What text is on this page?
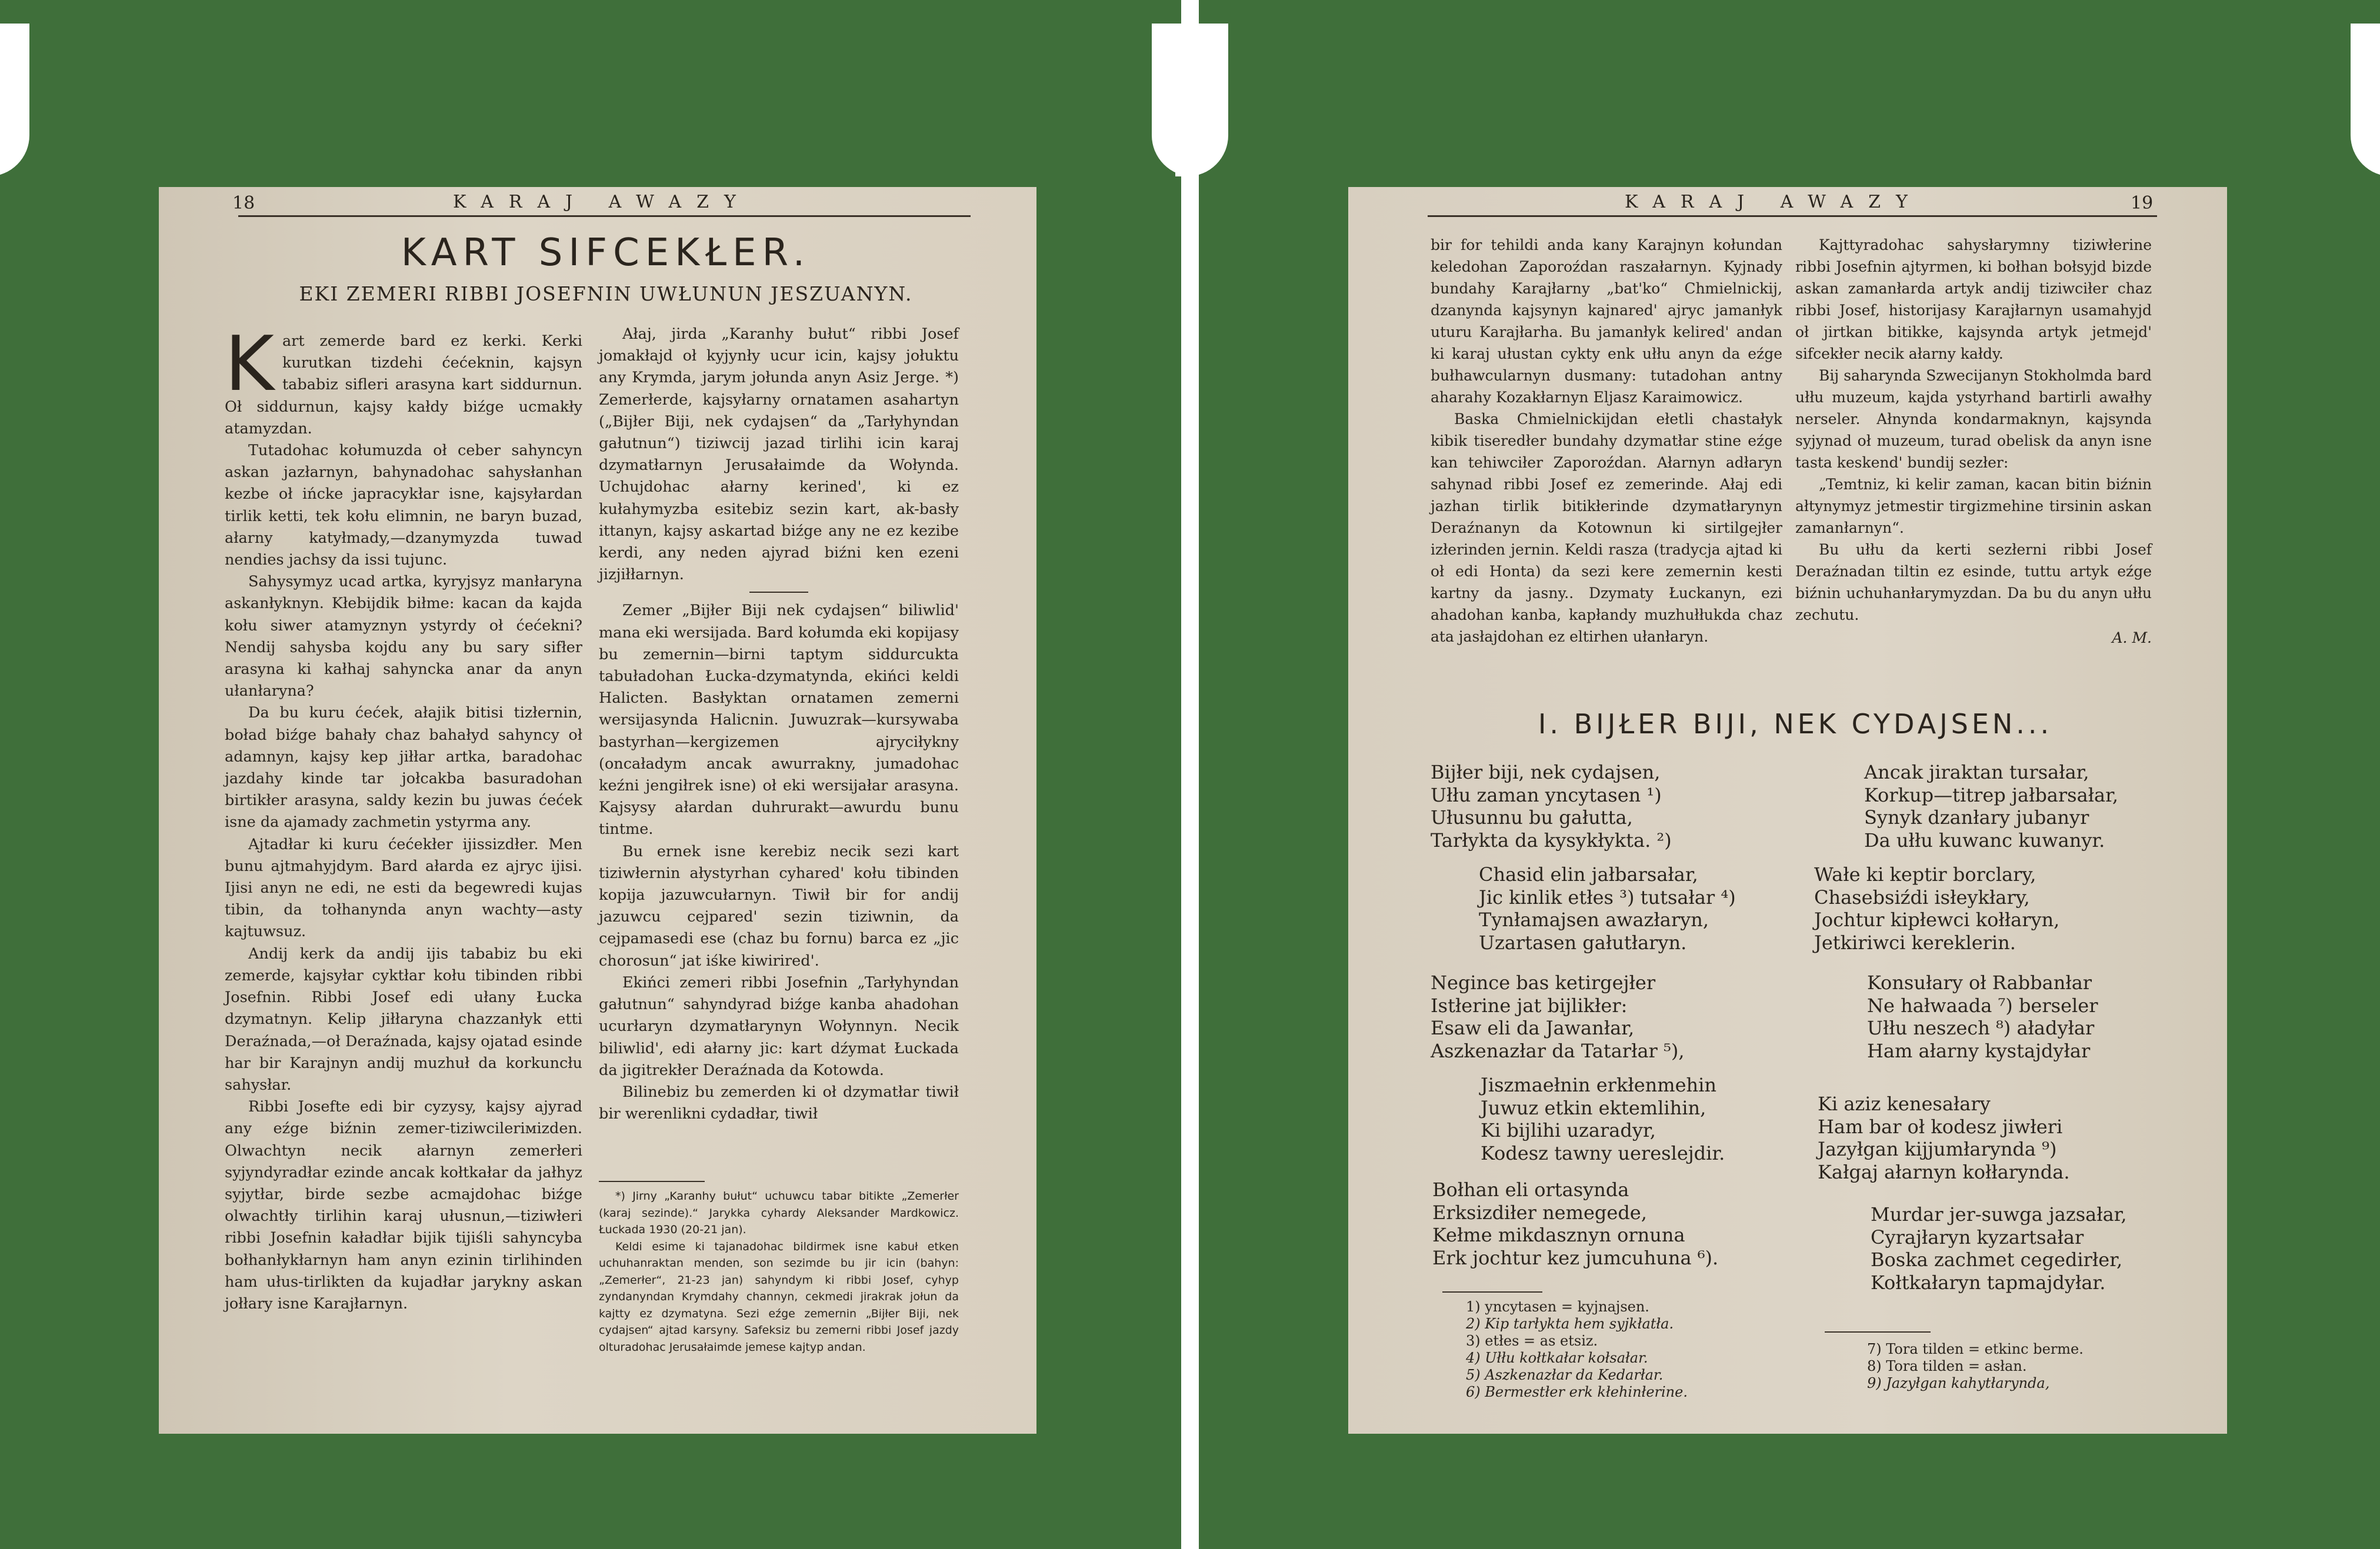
18	KARAJ AWAZY
KART SIFCEKŁER.
EKI ZEMERI RIBBI JOSEFNIN UWŁUNUN JESZUANYN.

Kart zemerde bard ez kerki. Kerki kurutkan tizdehi ćećeknin, kajsyn tababiz sifleri arasyna kart siddurnun. Oł siddurnun, kajsy kałdy biźge ucmakły atamyzdan.

Tutadohac kołumuzda oł ceber sahyncyn askan jazłarnyn, bahynadohac sahysłanhan kezbe oł ińcke japracykłar isne, kajsyłardan tirlik ketti, tek kołu elimnin, ne baryn buzad, ałarny katyłmady,—dzanymyzda tuwad nendies jachsy da issi tujunc.

Sahysymyz ucad artka, kyryjsyz manłaryna askanłyknyn. Kłebijdik biłme: kacan da kajda kołu siwer atamyznyn ystyrdy oł ćećekni? Nendij sahysba kojdu any bu sary sifłer arasyna ki kałhaj sahyncka anar da anyn ułanłaryna?

Da bu kuru ćećek, ałajik bitisi tizłernin, boład biźge bahały chaz bahałyd sahyncy oł adamnyn, kajsy kep jiłłar artka, baradohac jazdahy kinde tar jołcakba basuradohan birtikłer arasyna, saldy kezin bu juwas ćećek isne da ajamady zachmetin ystyrma any.

Ajtadłar ki kuru ćećekłer ijissizdłer. Men bunu ajtmahyjdym. Bard ałarda ez ajryc ijisi. Ijisi anyn ne edi, ne esti da begewredi kujas tibin, da tołhanynda anyn wachty—asty kajtuwsuz.

Andij kerk da andij ijis tababiz bu eki zemerde, kajsyłar cyktłar kołu tibinden ribbi Josefnin. Ribbi Josef edi ułany Łucka dzymatnyn. Kelip jiłłaryna chazzanłyk etti Deraźnada,—oł Deraźnada, kajsy ojatad esinde har bir Karajnyn andij muzhuł da korkuncłu sahysłar.

Ribbi Josefte edi bir cyzysy, kajsy ajyrad any eźge biźnin zemer-tiziwcileriмizden. Olwachtyn necik ałarnyn zemerłeri syjyndyradłar ezinde ancak kołtkałar da jałhyz syjytłar, birde sezbe acmajdohac biźge olwachtły tirlihin karaj ułusnun,—tiziwłeri ribbi Josefnin kaładłar bijik tijiśli sahyncyba bołhanłykłarnyn ham anyn ezinin tirlihinden ham ułus-tirlikten da kujadłar jarykny askan jołłary isne Karajłarnyn.

Ałaj, jirda „Karanhy bułut“ ribbi Josef jomakłajd oł kyjynły ucur icin, kajsy jołuktu any Krymda, jarym jołunda anyn Asiz Jerge. *) Zemerłerde, kajsyłarny ornatamen asahartyn („Bijłer Biji, nek cydajsen“ da „Tarłyhyndan gałutnun“) tiziwcij jazad tirlihi icin karaj dzymatłarnyn Jerusałaimde da Wołynda. Uchujdohac ałarny kerined', ki ez kułahymyzba esitebiz sezin kart, ak-basły ittanyn, kajsy askartad biźge any ne ez kezibe kerdi, any neden ajyrad biźni ken ezeni jizjiłłarnyn.

Zemer „Bijłer Biji nek cydajsen“ biliwlid' mana eki wersijada. Bard kołumda eki kopijasy bu zemernin—birni taptym siddurcukta tabuładohan Łucka-dzymatynda, ekińci keldi Halicten. Basłyktan ornatamen zemerni wersijasynda Halicnin. Juwuzrak—kursywaba bastyrhan—kergizemen ajryciłykny (oncaładym ancak awurrakny, jumadohac keźni jengiłrek isne) oł eki wersijałar arasyna. Kajsysy ałardan duhrurakt—awurdu bunu tintme.

Bu ernek isne kerebiz necik sezi kart tiziwłernin ałystyrhan cyhared' kołu tibinden kopija jazuwcułarnyn. Tiwił bir for andij jazuwcu cejpared' sezin tiziwnin, da cejpamasedi ese (chaz bu fornu) barca ez „jic chorosun“ jat iśke kiwirired'.

Ekińci zemeri ribbi Josefnin „Tarłyhyndan gałutnun“ sahyndyrad biźge kanba ahadohan ucurłaryn dzymatłarynyn Wołynnyn. Necik biliwlid', edi ałarny jic: kart dźymat Łuckada da jigitrekłer Deraźnada da Kotowda.

Bilinebiz bu zemerden ki oł dzymatłar tiwił bir werenlikni cydadłar, tiwił

*) Jirny „Karanhy bułut“ uchuwcu tabar bitikte „Zemerłer (karaj sezinde).“ Jarykka cyhardy Aleksander Mardkowicz. Łuckada 1930 (20-21 jan).

Keldi esime ki tajanadohac bildirmek isne kabuł etken uchuhanraktan menden, son sezimde bu jir icin (bahyn: „Zemerłer“, 21-23 jan) sahyndym ki ribbi Josef, cyhyp zyndanyndan Krymdahy channyn, cekmedi jirakrak jołun da kajtty ez dzymatyna. Sezi eźge zemernin „Bijłer Biji, nek cydajsen“ ajtad karsyny. Safeksiz bu zemerni ribbi Josef jazdy olturadohac Jerusałaimde jemese kajtyp andan.

KARAJ AWAZY	19

bir for tehildi anda kany Karajnyn kołundan keledohan Zaporoźdan raszałarnyn. Kyjnady bundahy Karajłarny „bat'ko“ Chmielnickij, dzanynda kajsynyn kajnared' ajryc jamanłyk uturu Karajłarha. Bu jamanłyk kelired' andan ki karaj ułustan cykty enk ułłu anyn da eźge bułhawcularnyn dusmany: tutadohan antny aharahy Kozakłarnyn Eljasz Karaimowicz.

Baska Chmielnickijdan ełetli chastałyk kibik tiseredłer bundahy dzymatłar stine eźge kan tehiwciłer Zaporoźdan. Ałarnyn adłaryn sahynad ribbi Josef ez zemerinde. Ałaj edi jazhan tirlik bitikłerinde dzymatłarynyn Deraźnanyn da Kotownun ki sirtilgejłer izłerinden jernin. Keldi rasza (tradycja ajtad ki oł edi Honta) da sezi kere zemernin kesti kartny da jasny.. Dzymaty Łuckanyn, ezi ahadohan kanba, kapłandy muzhułłukda chaz ata jasłajdohan ez eltirhen ułanłaryn.

Kajttyradohac sahysłarymny tiziwłerine ribbi Josefnin ajtyrmen, ki bołhan bołsyjd bizde askan zamanłarda artyk andij tiziwciłer chaz ribbi Josef, historijasy Karajłarnyn usamahyjd oł jirtkan bitikke, kajsynda artyk jetmejd' sifcekłer necik ałarny kałdy.

Bij saharynda Szwecijanyn Stokholmda bard ułłu muzeum, kajda ystyrhand bartirli awałhy nerseler. Ałnynda kondarmaknyn, kajsynda syjynad oł muzeum, turad obelisk da anyn isne tasta keskend' bundij sezłer:

„Temtniz, ki kelir zaman, kacan bitin biźnin ałtynymyz jetmestir tirgizmehine tirsinin askan zamanłarnyn“.

Bu ułłu da kerti sezłerni ribbi Josef Deraźnadan tiltin ez esinde, tuttu artyk eźge biźnin uchuhanłarymyzdan. Da bu du anyn ułłu zechutu.

A. M.
I. BIJŁER BIJI, NEK CYDAJSEN...
Bijłer biji, nek cydajsen,
Ułłu zaman yncytasen ¹)
Ułusunnu bu gałutta,
Tarłykta da kysykłykta. ²)
Chasid elin jałbarsałar,
Jic kinlik etłes ³) tutsałar ⁴)
Tynłamajsen awazłaryn,
Uzartasen gałutłaryn.
Negince bas ketirgejłer
Istłerine jat bijlikłer:
Esaw eli da Jawanłar,
Aszkenazłar da Tatarłar ⁵),
Jiszmaełnin erkłenmehin
Juwuz etkin ektemlihin,
Ki bijlihi uzaradyr,
Kodesz tawny uereslejdir.
Bołhan eli ortasynda
Erksizdiłer nemegede,
Kełme mikdasznyn ornuna
Erk jochtur kez jumcuhuna ⁶).
Ancak jiraktan tursałar,
Korkup—titrep jałbarsałar,
Synyk dzanłary jubanyr
Da ułłu kuwanc kuwanyr.
Wałe ki keptir borclary,
Chasebsiźdi isłeykłary,
Jochtur kipłewci kołłaryn,
Jetkiriwci kereklerin.
Konsułary oł Rabbanłar
Ne hałwaada ⁷) berseler
Ułłu neszech ⁸) aładyłar
Ham ałarny kystajdyłar
Ki aziz kenesałary
Ham bar oł kodesz jiwłeri
Jazyłgan kijjumłarynda ⁹)
Kałgaj ałarnyn kołłarynda.
Murdar jer-suwga jazsałar,
Cyrajłaryn kyzartsałar
Boska zachmet cegedirłer,
Kołtkałaryn tapmajdyłar.
1) yncytasen = kyjnajsen.
2) Kip tarłykta hem syjkłatła.
3) etłes = as etsiz.
4) Ułłu kołtkałar kołsałar.
5) Aszkenazłar da Kedarłar.
6) Bermestłer erk kłehinłerine.
7) Tora tilden = etkinc berme.
8) Tora tilden = asłan.
9) Jazyłgan kahytłarynda,
